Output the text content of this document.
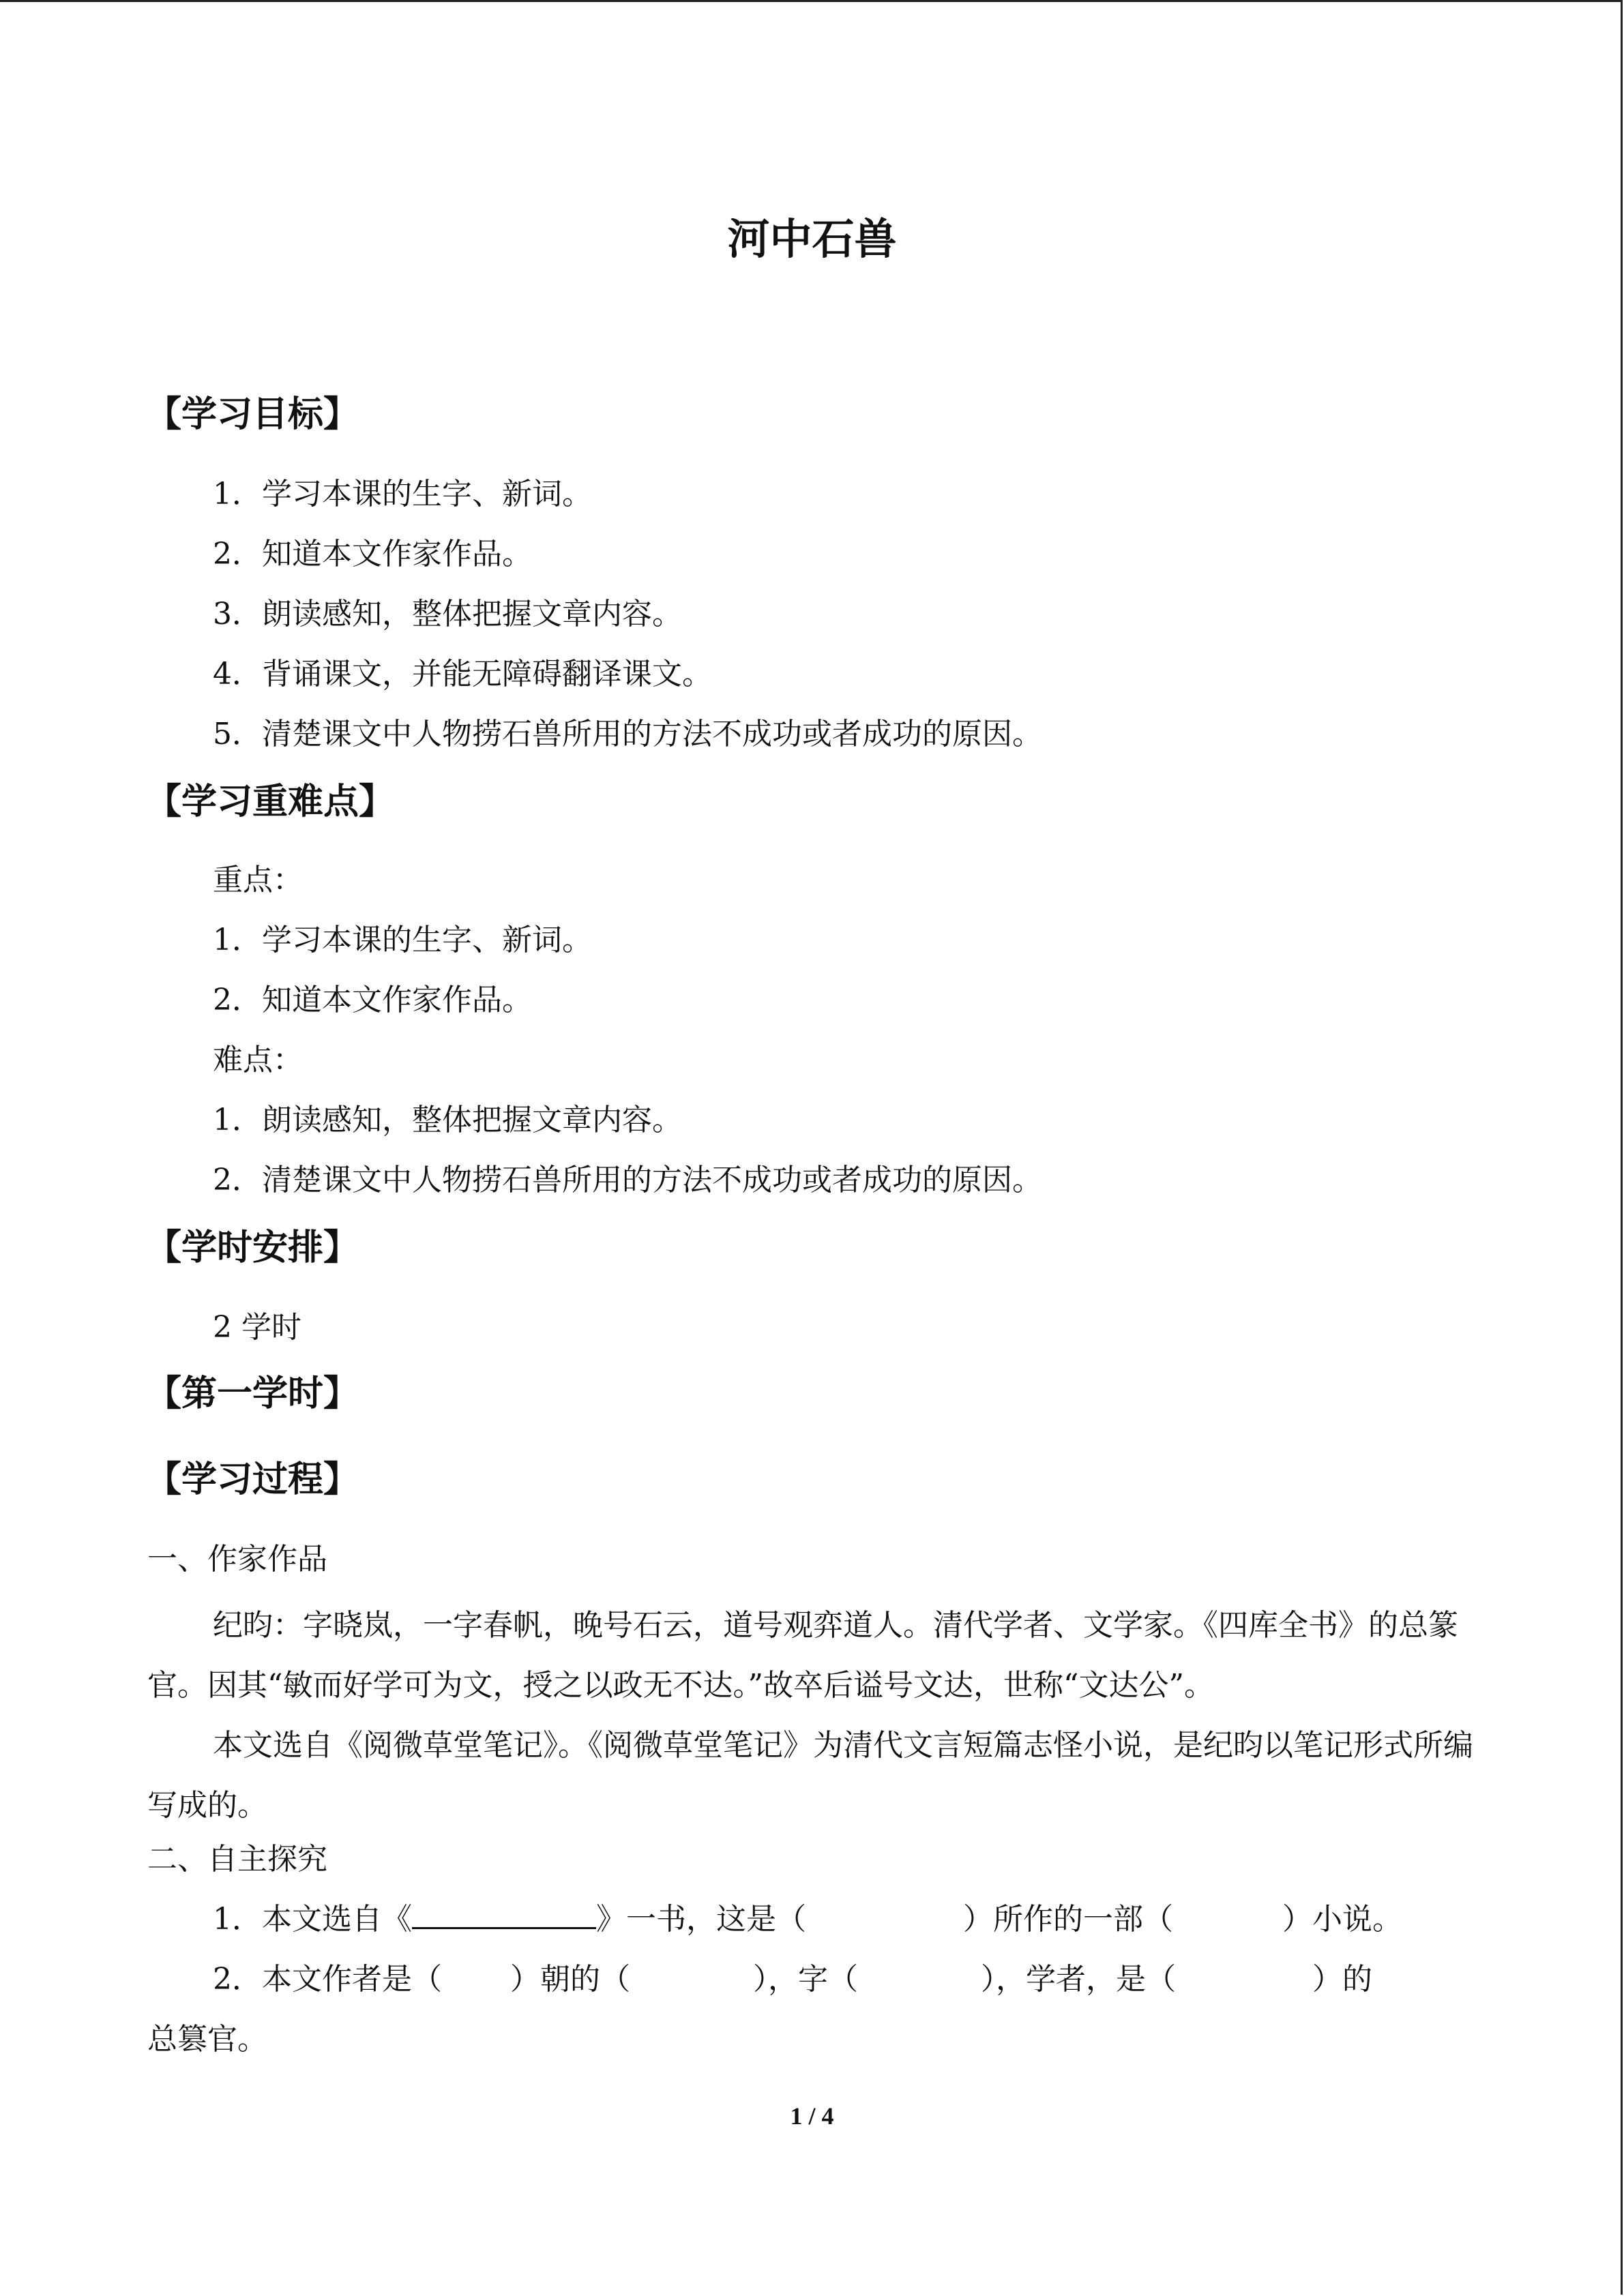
河中石兽
【学习目标】
1．学习本课的生字、新词。
2．知道本文作家作品。
3．朗读感知，整体把握文章内容。
4．背诵课文，并能无障碍翻译课文。
5．清楚课文中人物捞石兽所用的方法不成功或者成功的原因。
【学习重难点】
重点：
1．学习本课的生字、新词。
2．知道本文作家作品。
难点：
1．朗读感知，整体把握文章内容。
2．清楚课文中人物捞石兽所用的方法不成功或者成功的原因。
【学时安排】
2 学时
【第一学时】
【学习过程】
一、作家作品
纪昀：字晓岚，一字春帆，晚号石云，道号观弈道人。清代学者、文学家。《四库全书》的总篆官。因其“敏而好学可为文，授之以政无不达。”故卒后谥号文达，世称“文达公”。
本文选自《阅微草堂笔记》。《阅微草堂笔记》为清代文言短篇志怪小说，是纪昀以笔记形式所编写成的。
二、自主探究
1．本文选自《	》一书，这是（	）所作的一部（	）小说。
2．本文作者是（ ）朝的（	），字（	），学者，是（	）的
总篡官。
1 / 4
